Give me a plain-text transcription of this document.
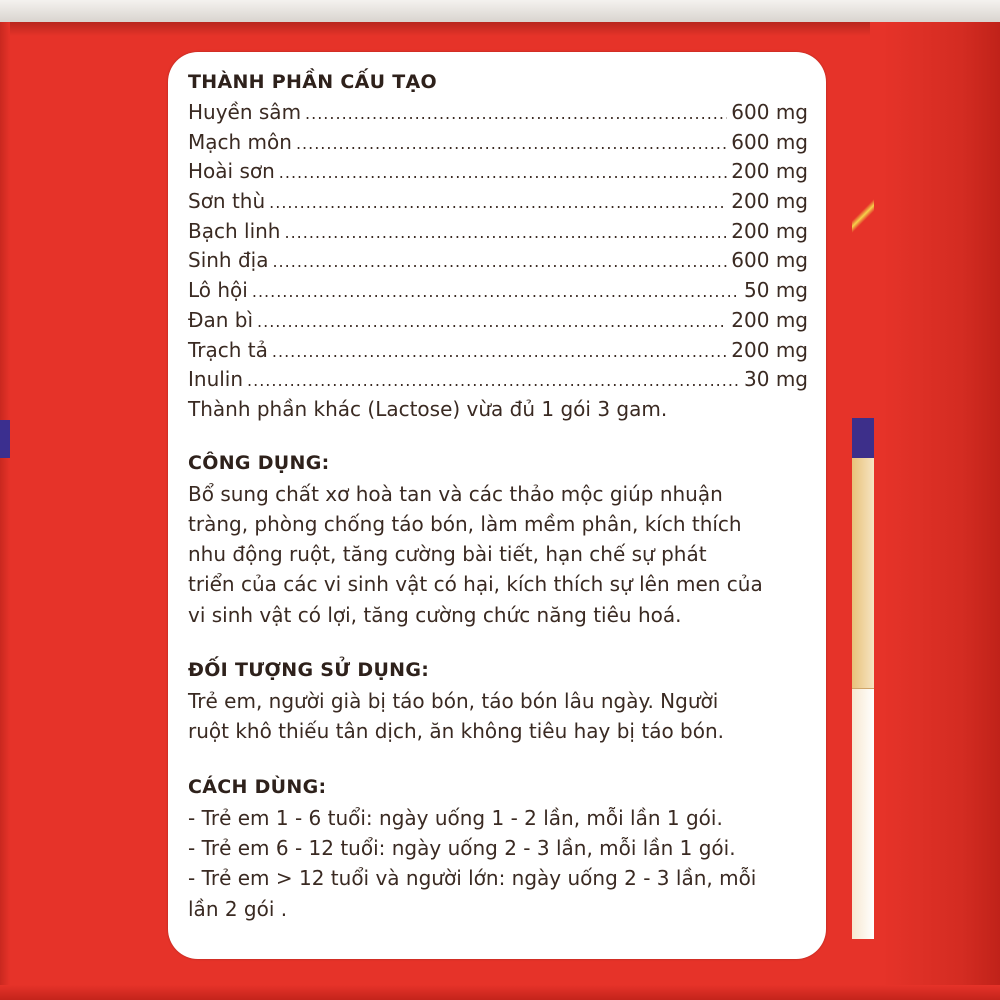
THÀNH PHẦN CẤU TẠO
Huyền sâm .....	600 mg
Mạch môn .....	600 mg
Hoài sơn .....	200 mg
Sơn thù .....	200 mg
Bạch linh .....	200 mg
Sinh địa .....	600 mg
Lô hội .....	50 mg
Đan bì .....	200 mg
Trạch tả .....	200 mg
Inulin .....	30 mg
Thành phần khác (Lactose) vừa đủ 1 gói 3 gam.
CÔNG DỤNG:

Bổ sung chất xơ hoà tan và các thảo mộc giúp nhuận
tràng, phòng chống táo bón, làm mềm phân, kích thích
nhu động ruột, tăng cường bài tiết, hạn chế sự phát
triển của các vi sinh vật có hại, kích thích sự lên men của
vi sinh vật có lợi, tăng cường chức năng tiêu hoá.

ĐỐI TƯỢNG SỬ DỤNG:

Trẻ em, người già bị táo bón, táo bón lâu ngày. Người
ruột khô thiếu tân dịch, ăn không tiêu hay bị táo bón.

CÁCH DÙNG:

- Trẻ em 1 - 6 tuổi: ngày uống 1 - 2 lần, mỗi lần 1 gói.
- Trẻ em 6 - 12 tuổi: ngày uống 2 - 3 lần, mỗi lần 1 gói.
- Trẻ em > 12 tuổi và người lớn: ngày uống 2 - 3 lần, mỗi
lần 2 gói .
